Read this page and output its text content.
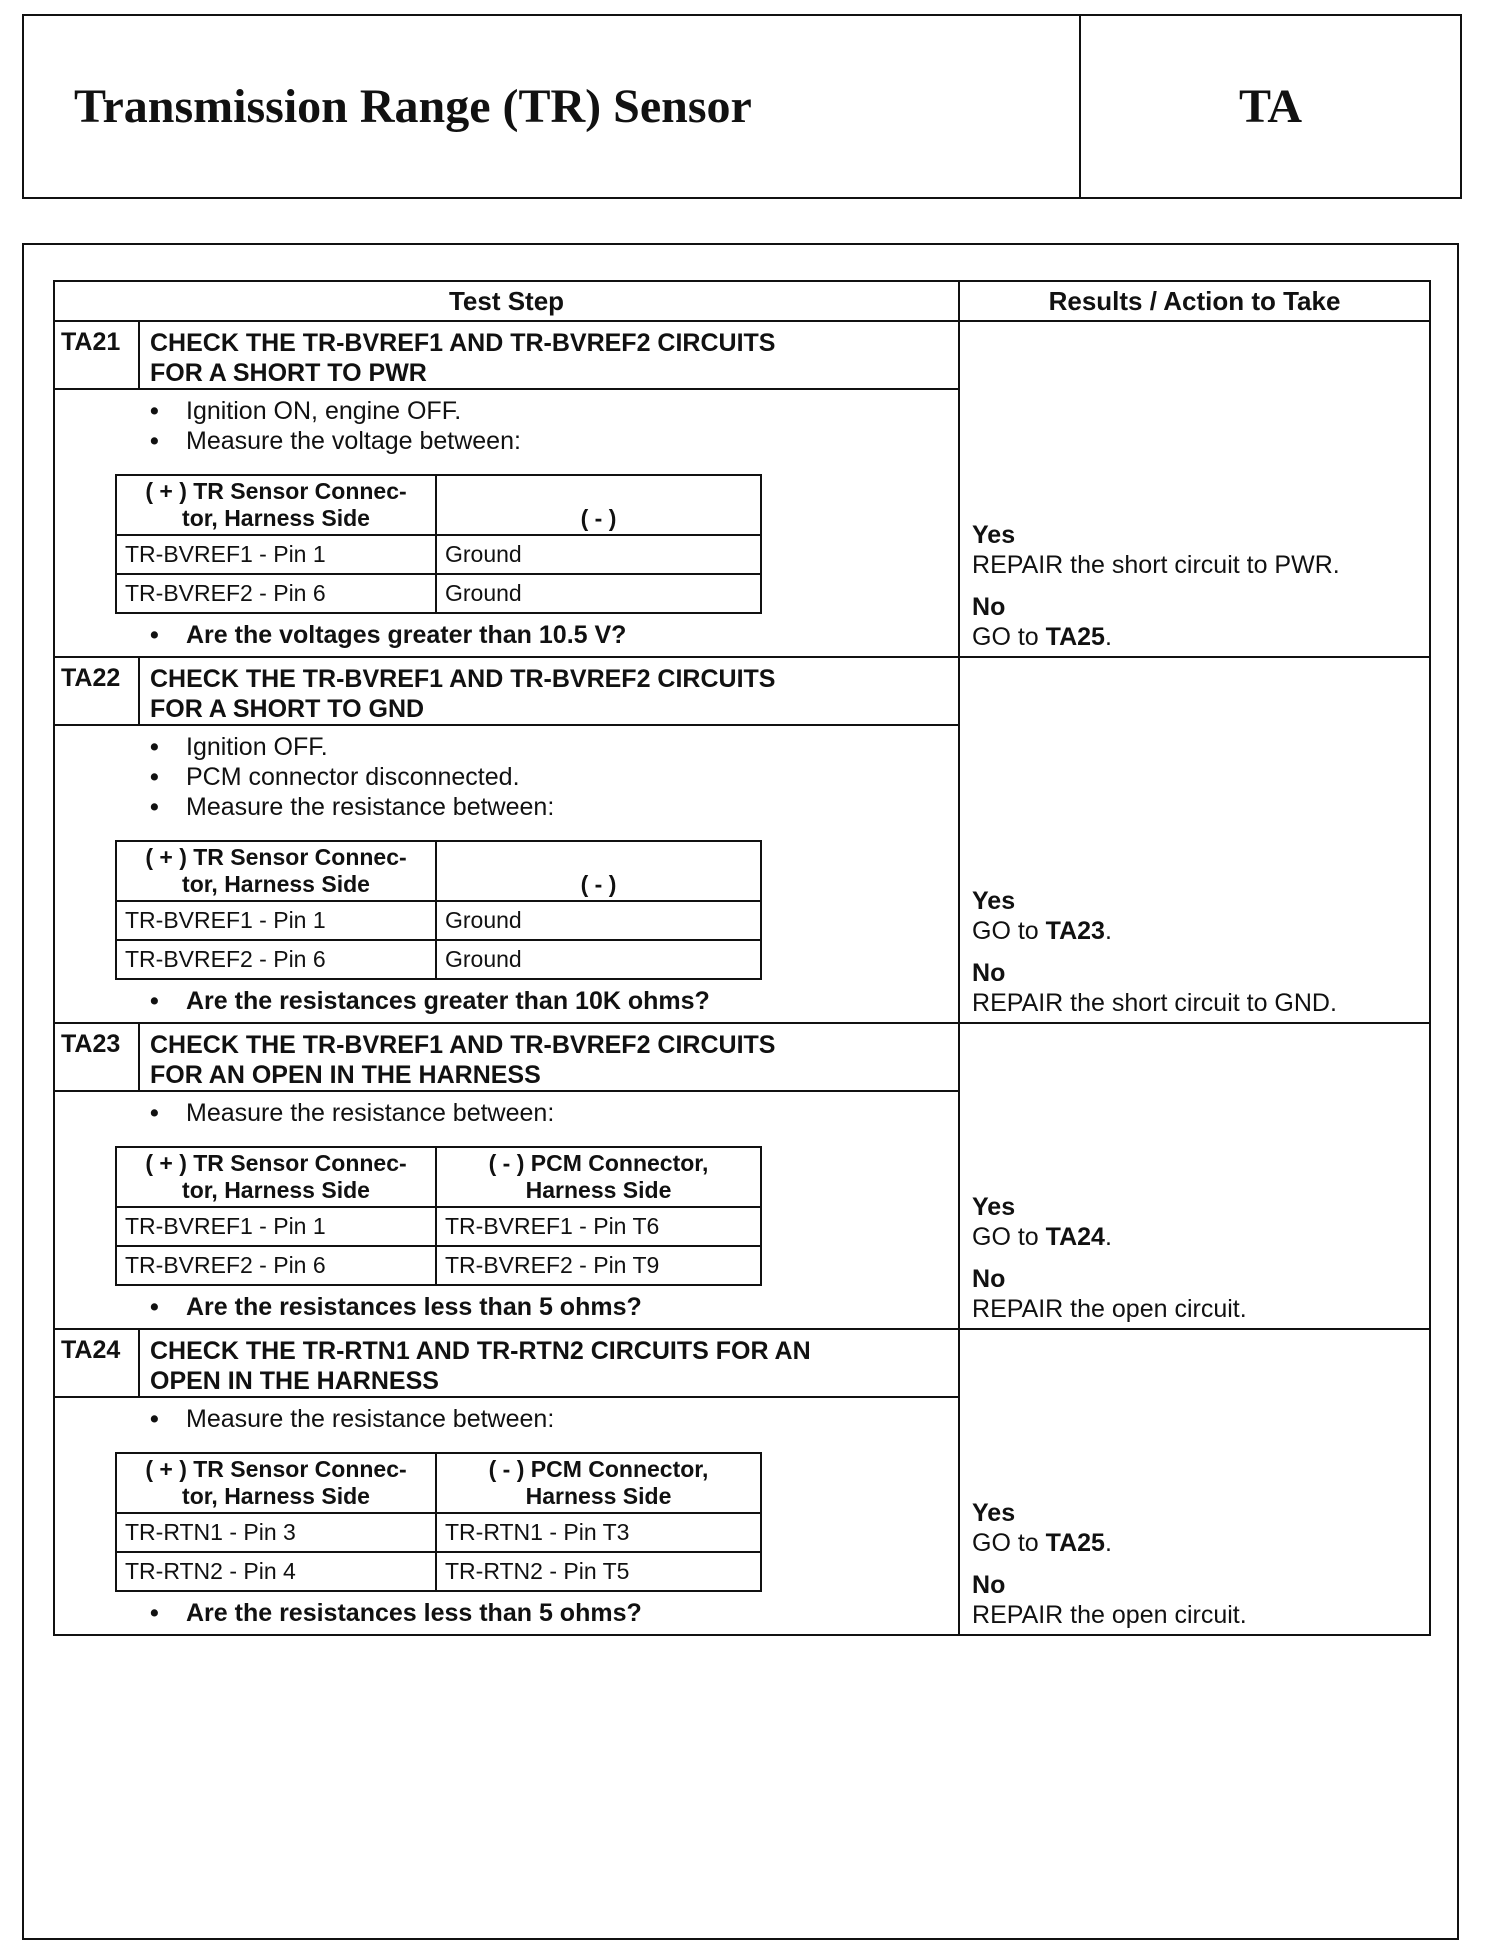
Transmission Range (TR) Sensor	TA
Test Step	Results / Action to Take
TA21	CHECK THE TR-BVREF1 AND TR-BVREF2 CIRCUITS
FOR A SHORT TO PWR

Yes
REPAIR the short circuit to PWR.
No
GO to TA25.

• Ignition ON, engine OFF.
• Measure the voltage between:
( + ) TR Sensor Connec-
tor, Harness Side	( - )

TR-BVREF1 - Pin 1	Ground
TR-BVREF2 - Pin 6	Ground
• Are the voltages greater than 10.5 V?

TA22	CHECK THE TR-BVREF1 AND TR-BVREF2 CIRCUITS
FOR A SHORT TO GND

Yes
GO to TA23.
No
REPAIR the short circuit to GND.

• Ignition OFF.
• PCM connector disconnected.
• Measure the resistance between:
( + ) TR Sensor Connec-
tor, Harness Side	( - )

TR-BVREF1 - Pin 1	Ground
TR-BVREF2 - Pin 6	Ground
• Are the resistances greater than 10K ohms?

TA23	CHECK THE TR-BVREF1 AND TR-BVREF2 CIRCUITS
FOR AN OPEN IN THE HARNESS

Yes
GO to TA24.
No
REPAIR the open circuit.

• Measure the resistance between:
( + ) TR Sensor Connec-
tor, Harness Side

( - ) PCM Connector,
Harness Side

TR-BVREF1 - Pin 1	TR-BVREF1 - Pin T6
TR-BVREF2 - Pin 6	TR-BVREF2 - Pin T9
• Are the resistances less than 5 ohms?

TA24	CHECK THE TR-RTN1 AND TR-RTN2 CIRCUITS FOR AN
OPEN IN THE HARNESS

Yes
GO to TA25.
No
REPAIR the open circuit.

• Measure the resistance between:
( + ) TR Sensor Connec-
tor, Harness Side

( - ) PCM Connector,
Harness Side

TR-RTN1 - Pin 3	TR-RTN1 - Pin T3
TR-RTN2 - Pin 4	TR-RTN2 - Pin T5
• Are the resistances less than 5 ohms?
